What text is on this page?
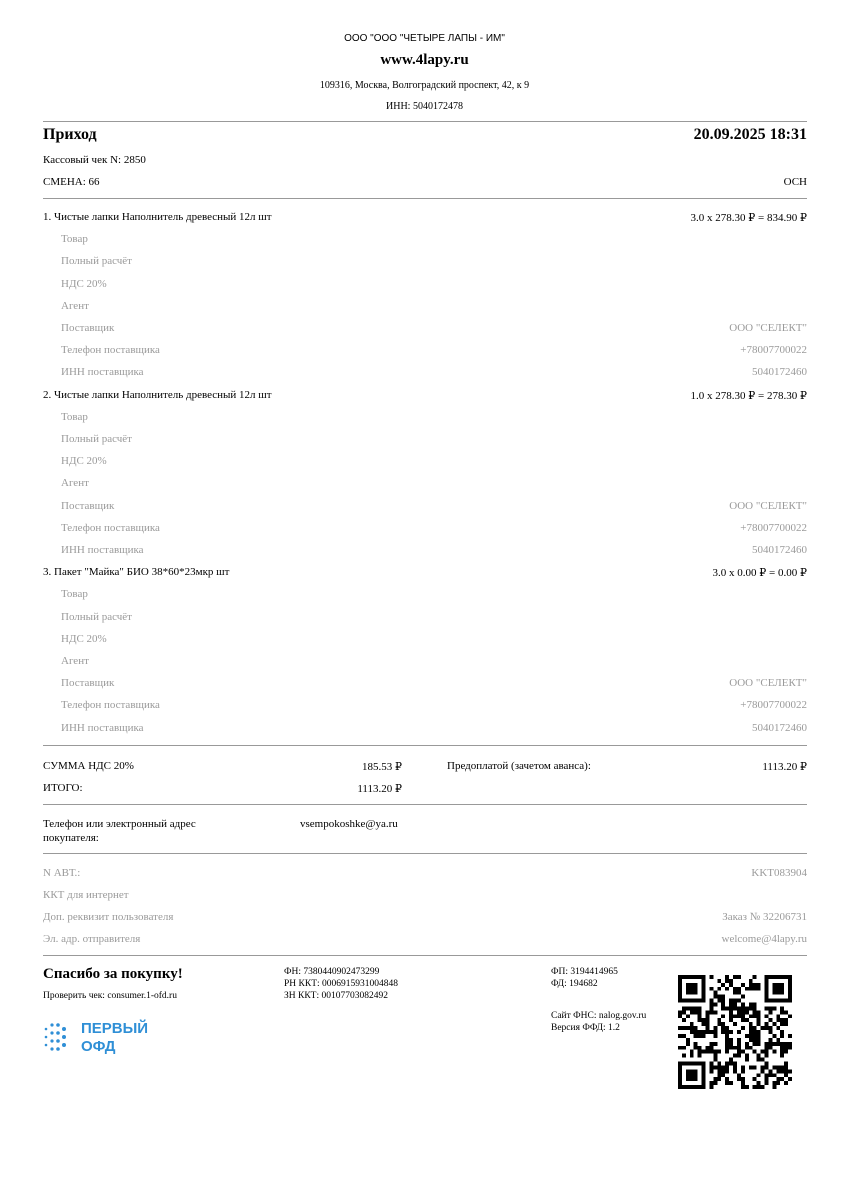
ООО "ООО "ЧЕТЫРЕ ЛАПЫ - ИМ"
www.4lapy.ru
109316, Москва, Волгоградский проспект, 42, к 9
ИНН: 5040172478
Приход	20.09.2025 18:31
Кассовый чек N: 2850
СМЕНА: 66	ОСН
1. Чистые лапки Наполнитель древесный 12л шт	3.0 x 278.30 ₽ = 834.90 ₽
Товар
Полный расчёт
НДС 20%
Агент
Поставщик	ООО "СЕЛЕКТ"
Телефон поставщика	+78007700022
ИНН поставщика	5040172460
2. Чистые лапки Наполнитель древесный 12л шт	1.0 x 278.30 ₽ = 278.30 ₽
Товар
Полный расчёт
НДС 20%
Агент
Поставщик	ООО "СЕЛЕКТ"
Телефон поставщика	+78007700022
ИНН поставщика	5040172460
3. Пакет "Майка" БИО 38*60*23мкр шт	3.0 x 0.00 ₽ = 0.00 ₽
Товар
Полный расчёт
НДС 20%
Агент
Поставщик	ООО "СЕЛЕКТ"
Телефон поставщика	+78007700022
ИНН поставщика	5040172460
СУММА НДС 20%	185.53 ₽	Предоплатой (зачетом аванса):	1113.20 ₽
ИТОГО:	1113.20 ₽
Телефон или электронный адрес
покупателя:
vsempokoshke@ya.ru
N АВТ.:	KKT083904
ККТ для интернет
Доп. реквизит пользователя	Заказ № 32206731
Эл. адр. отправителя	welcome@4lapy.ru
Спасибо за покупку!
Проверить чек: consumer.1-ofd.ru
ПЕРВЫЙ
ОФД
ФН: 7380440902473299
РН ККТ: 0006915931004848
ЗН ККТ: 00107703082492
ФП: 3194414965
ФД: 194682
Сайт ФНС: nalog.gov.ru
Версия ФФД: 1.2
